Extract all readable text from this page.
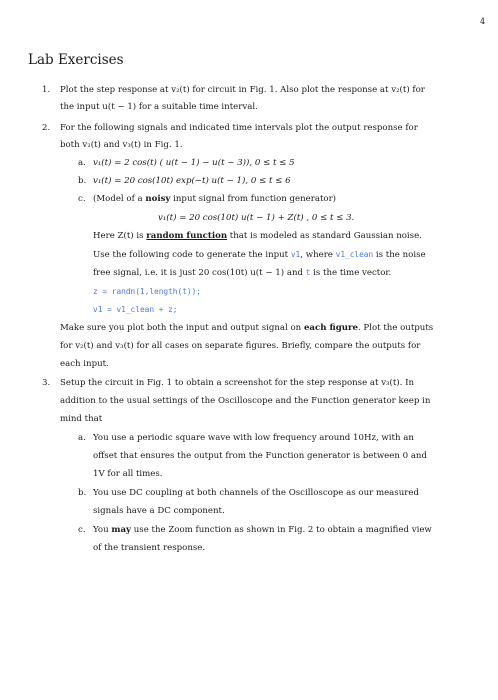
4
Lab Exercises
1. Plot the step response at v₂(t) for circuit in Fig. 1. Also plot the response at v₂(t) for
the input u(t − 1) for a suitable time interval.
2. For the following signals and indicated time intervals plot the output response for
both v₂(t) and v₃(t) in Fig. 1.
a. v₁(t) = 2 cos(t) ( u(t − 1) − u(t − 3)), 0 ≤ t ≤ 5
b. v₁(t) = 20 cos(10t) exp(−t) u(t − 1), 0 ≤ t ≤ 6
c. (Model of a noisy input signal from function generator)
v₁(t) = 20 cos(10t) u(t − 1) + Z(t) , 0 ≤ t ≤ 3.
Here Z(t) is random function that is modeled as standard Gaussian noise.
Use the following code to generate the input v1, where v1_clean is the noise
free signal, i.e. it is just 20 cos(10t) u(t − 1) and t is the time vector.
z = randn(1,length(t));
v1 = v1_clean + z;
Make sure you plot both the input and output signal on each figure. Plot the outputs
for v₂(t) and v₃(t) for all cases on separate figures. Briefly, compare the outputs for
each input.
3. Setup the circuit in Fig. 1 to obtain a screenshot for the step response at v₃(t). In
addition to the usual settings of the Oscilloscope and the Function generator keep in
mind that
a. You use a periodic square wave with low frequency around 10Hz, with an
offset that ensures the output from the Function generator is between 0 and
1V for all times.
b. You use DC coupling at both channels of the Oscilloscope as our measured
signals have a DC component.
c. You may use the Zoom function as shown in Fig. 2 to obtain a magnified view
of the transient response.
